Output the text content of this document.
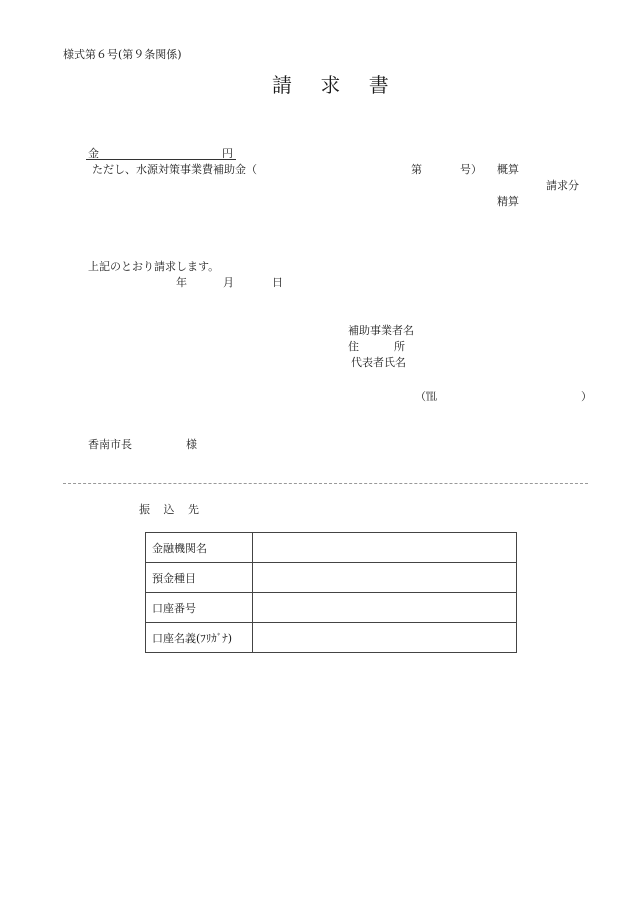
様式第６号(第９条関係)
請 求 書
金	円
ただし、水源対策事業費補助金（	第	号） 概算
請求分
精算
上記のとおり請求します。
年	月	日
補助事業者名
住	所
代表者氏名
（℡	）
香南市長	様
振 込 先
金融機関名	
預金種目	
口座番号	
口座名義(ﾌﾘｶﾞﾅ)	
